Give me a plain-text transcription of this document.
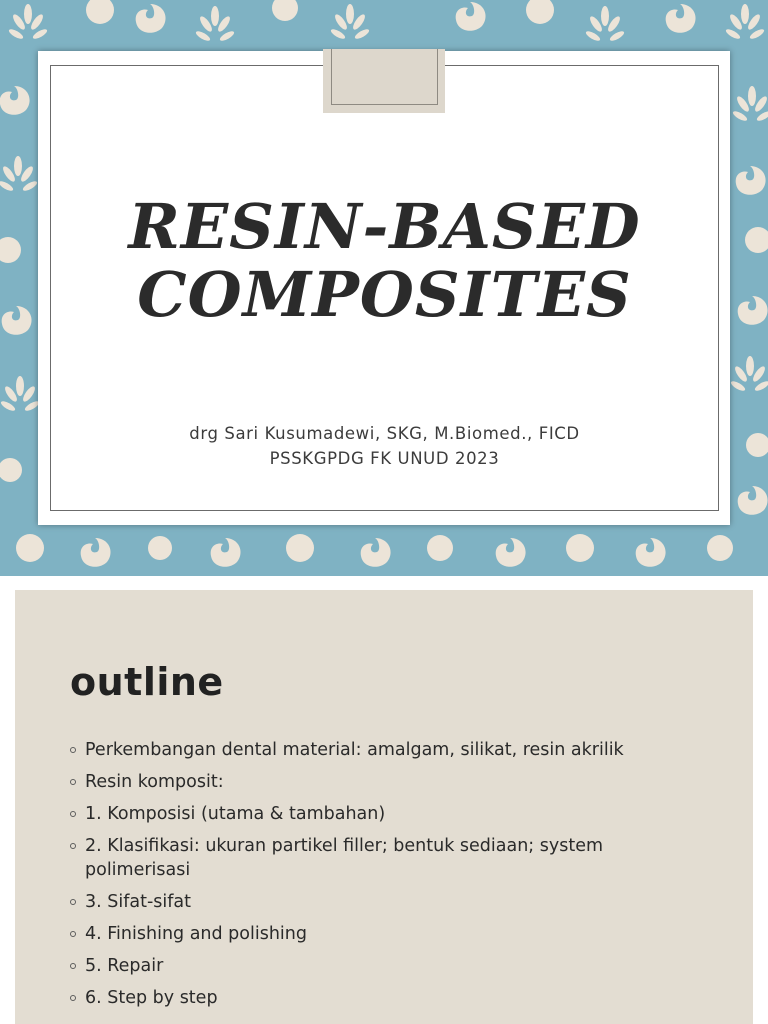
RESIN-BASED
COMPOSITES
drg Sari Kusumadewi, SKG, M.Biomed., FICD
PSSKGPDG FK UNUD 2023
outline
Perkembangan dental material: amalgam, silikat, resin akrilik
Resin komposit:
1. Komposisi (utama & tambahan)
2. Klasifikasi: ukuran partikel filler; bentuk sediaan; system polimerisasi
3. Sifat-sifat
4. Finishing and polishing
5. Repair
6. Step by step
